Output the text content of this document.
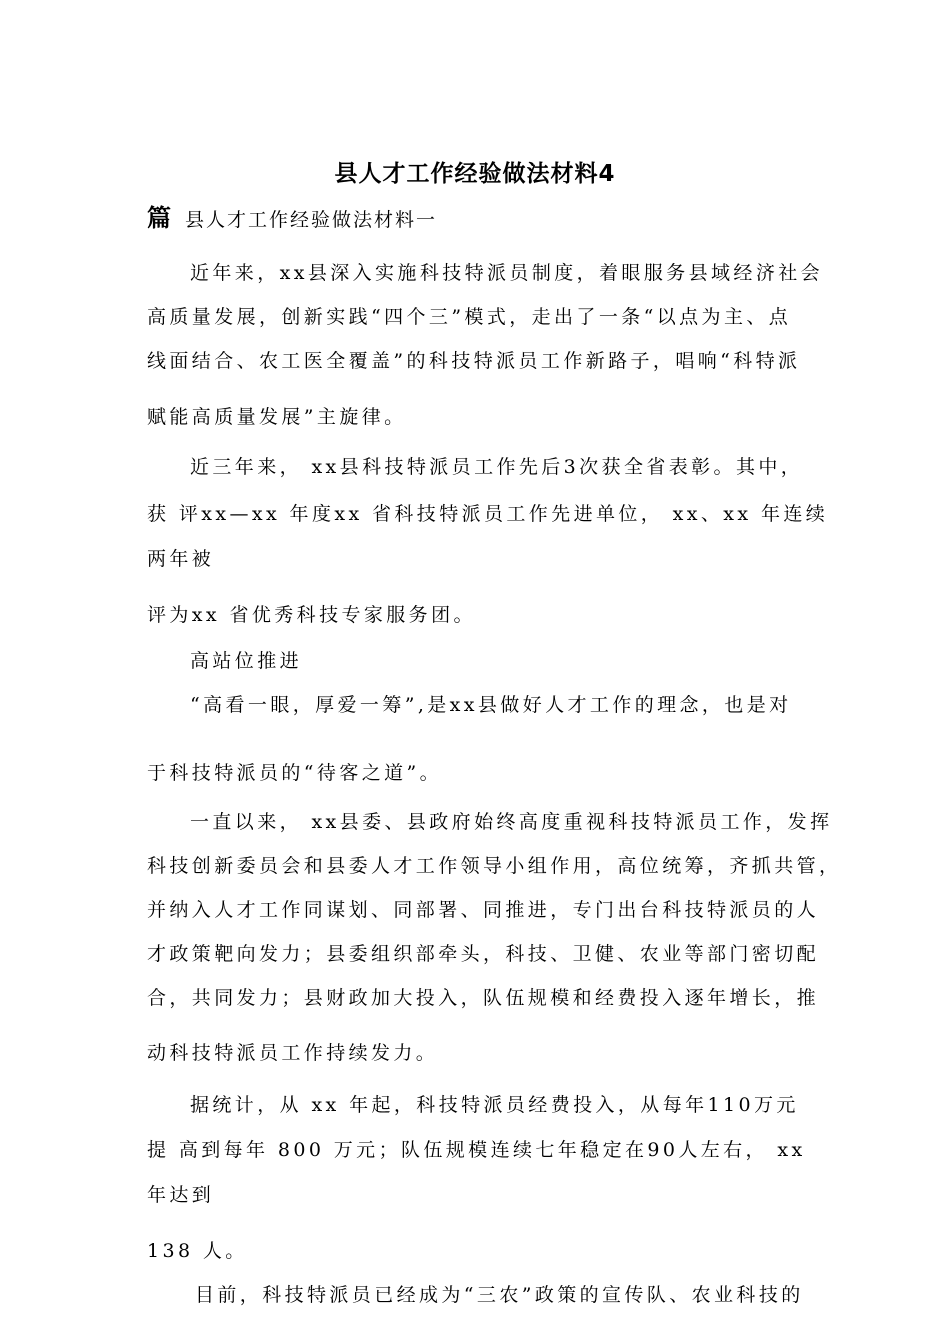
县人才工作经验做法材料4
篇 县人才工作经验做法材料一
近年来，xx县深入实施科技特派员制度，着眼服务县域经济社会
高质量发展，创新实践“四个三”模式，走出了一条“以点为主、点
线面结合、农工医全覆盖”的科技特派员工作新路子，唱响“科特派
赋能高质量发展”主旋律。
近三年来， xx县科技特派员工作先后3次获全省表彰。其中，
获 评xx—xx 年度xx 省科技特派员工作先进单位， xx、xx 年连续
两年被
评为xx 省优秀科技专家服务团。
高站位推进
“高看一眼，厚爱一筹”,是xx县做好人才工作的理念，也是对
于科技特派员的“待客之道”。
一直以来， xx县委、县政府始终高度重视科技特派员工作，发挥
科技创新委员会和县委人才工作领导小组作用，高位统筹，齐抓共管，
并纳入人才工作同谋划、同部署、同推进，专门出台科技特派员的人
才政策靶向发力；县委组织部牵头，科技、卫健、农业等部门密切配
合，共同发力；县财政加大投入，队伍规模和经费投入逐年增长，推
动科技特派员工作持续发力。
据统计，从 xx 年起，科技特派员经费投入，从每年110万元
提 高到每年 800 万元；队伍规模连续七年稳定在90人左右， xx
年达到
138 人。
目前，科技特派员已经成为“三农”政策的宣传队、农业科技的
